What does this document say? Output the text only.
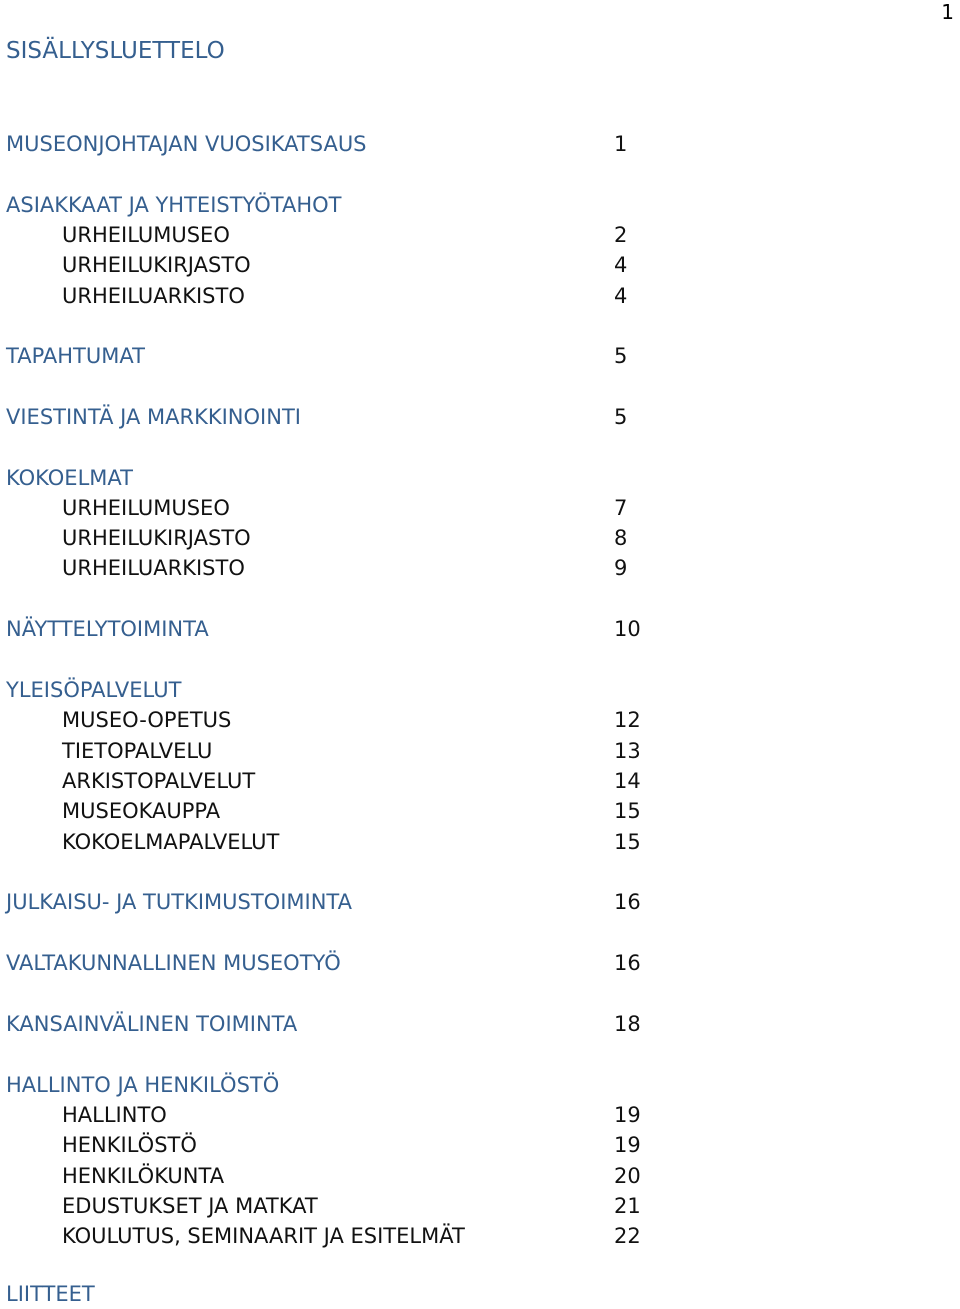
1
SISÄLLYSLUETTELO
MUSEONJOHTAJAN VUOSIKATSAUS	1
ASIAKKAAT JA YHTEISTYÖTAHOT
URHEILUMUSEO	2
URHEILUKIRJASTO	4
URHEILUARKISTO	4
TAPAHTUMAT	5
VIESTINTÄ JA MARKKINOINTI	5
KOKOELMAT
URHEILUMUSEO	7
URHEILUKIRJASTO	8
URHEILUARKISTO	9
NÄYTTELYTOIMINTA	10
YLEISÖPALVELUT
MUSEO-OPETUS	12
TIETOPALVELU	13
ARKISTOPALVELUT	14
MUSEOKAUPPA	15
KOKOELMAPALVELUT	15
JULKAISU- JA TUTKIMUSTOIMINTA	16
VALTAKUNNALLINEN MUSEOTYÖ	16
KANSAINVÄLINEN TOIMINTA	18
HALLINTO JA HENKILÖSTÖ
HALLINTO	19
HENKILÖSTÖ	19
HENKILÖKUNTA	20
EDUSTUKSET JA MATKAT	21
KOULUTUS, SEMINAARIT JA ESITELMÄT	22
LIITTEET
